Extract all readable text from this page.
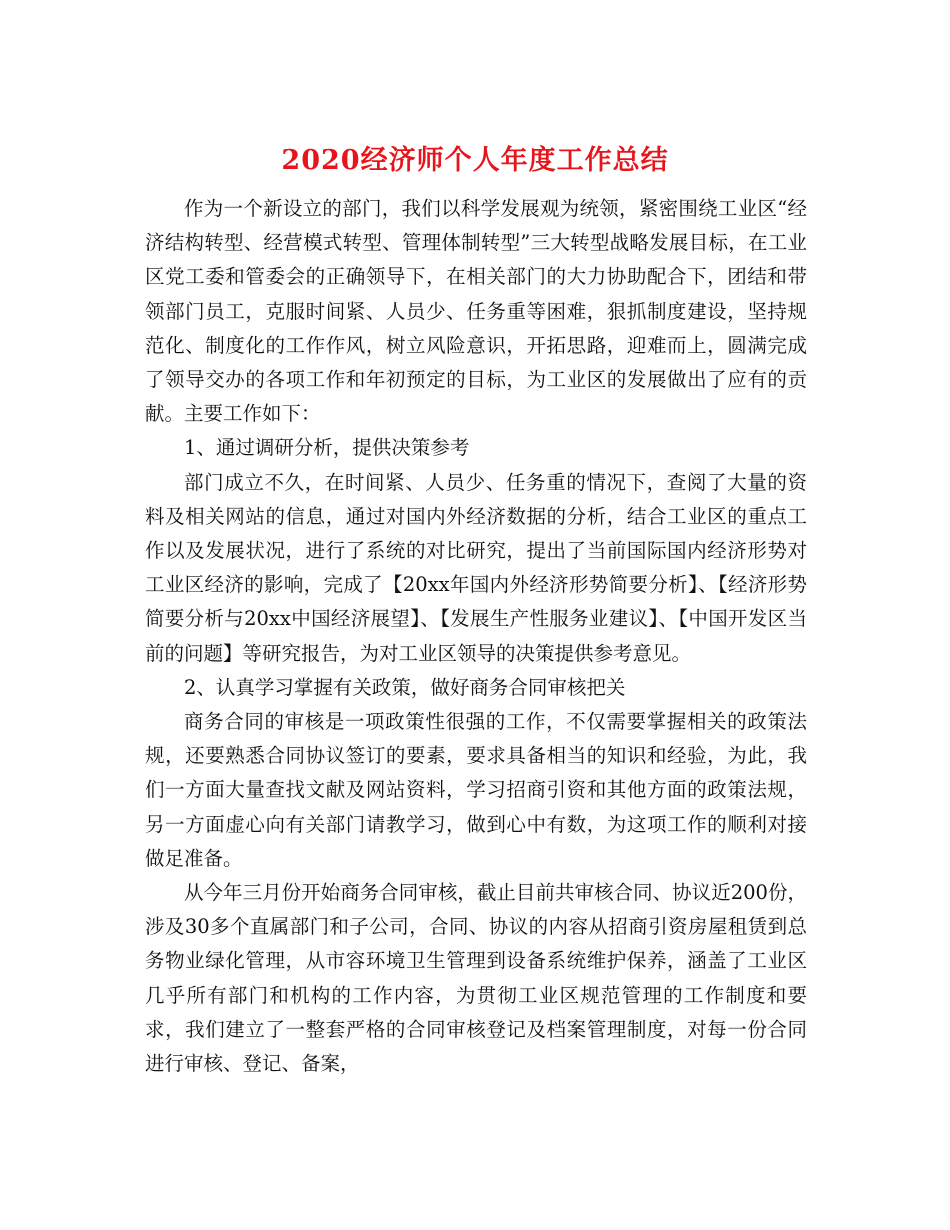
2020经济师个人年度工作总结

作为一个新设立的部门，我们以科学发展观为统领，紧密围绕工业区“经济结构转型、经营模式转型、管理体制转型”三大转型战略发展目标，在工业区党工委和管委会的正确领导下，在相关部门的大力协助配合下，团结和带领部门员工，克服时间紧、人员少、任务重等困难，狠抓制度建设，坚持规范化、制度化的工作作风，树立风险意识，开拓思路，迎难而上，圆满完成了领导交办的各项工作和年初预定的目标，为工业区的发展做出了应有的贡献。主要工作如下：

1、通过调研分析，提供决策参考

部门成立不久，在时间紧、人员少、任务重的情况下，查阅了大量的资料及相关网站的信息，通过对国内外经济数据的分析，结合工业区的重点工作以及发展状况，进行了系统的对比研究，提出了当前国际国内经济形势对工业区经济的影响，完成了【20xx年国内外经济形势简要分析】、【经济形势简要分析与20xx中国经济展望】、【发展生产性服务业建议】、【中国开发区当前的问题】等研究报告，为对工业区领导的决策提供参考意见。

2、认真学习掌握有关政策，做好商务合同审核把关

商务合同的审核是一项政策性很强的工作，不仅需要掌握相关的政策法规，还要熟悉合同协议签订的要素，要求具备相当的知识和经验，为此，我们一方面大量查找文献及网站资料，学习招商引资和其他方面的政策法规，另一方面虚心向有关部门请教学习，做到心中有数，为这项工作的顺利对接做足准备。

从今年三月份开始商务合同审核，截止目前共审核合同、协议近200份，涉及30多个直属部门和子公司，合同、协议的内容从招商引资房屋租赁到总务物业绿化管理，从市容环境卫生管理到设备系统维护保养，涵盖了工业区几乎所有部门和机构的工作内容，为贯彻工业区规范管理的工作制度和要求，我们建立了一整套严格的合同审核登记及档案管理制度，对每一份合同进行审核、登记、备案，
